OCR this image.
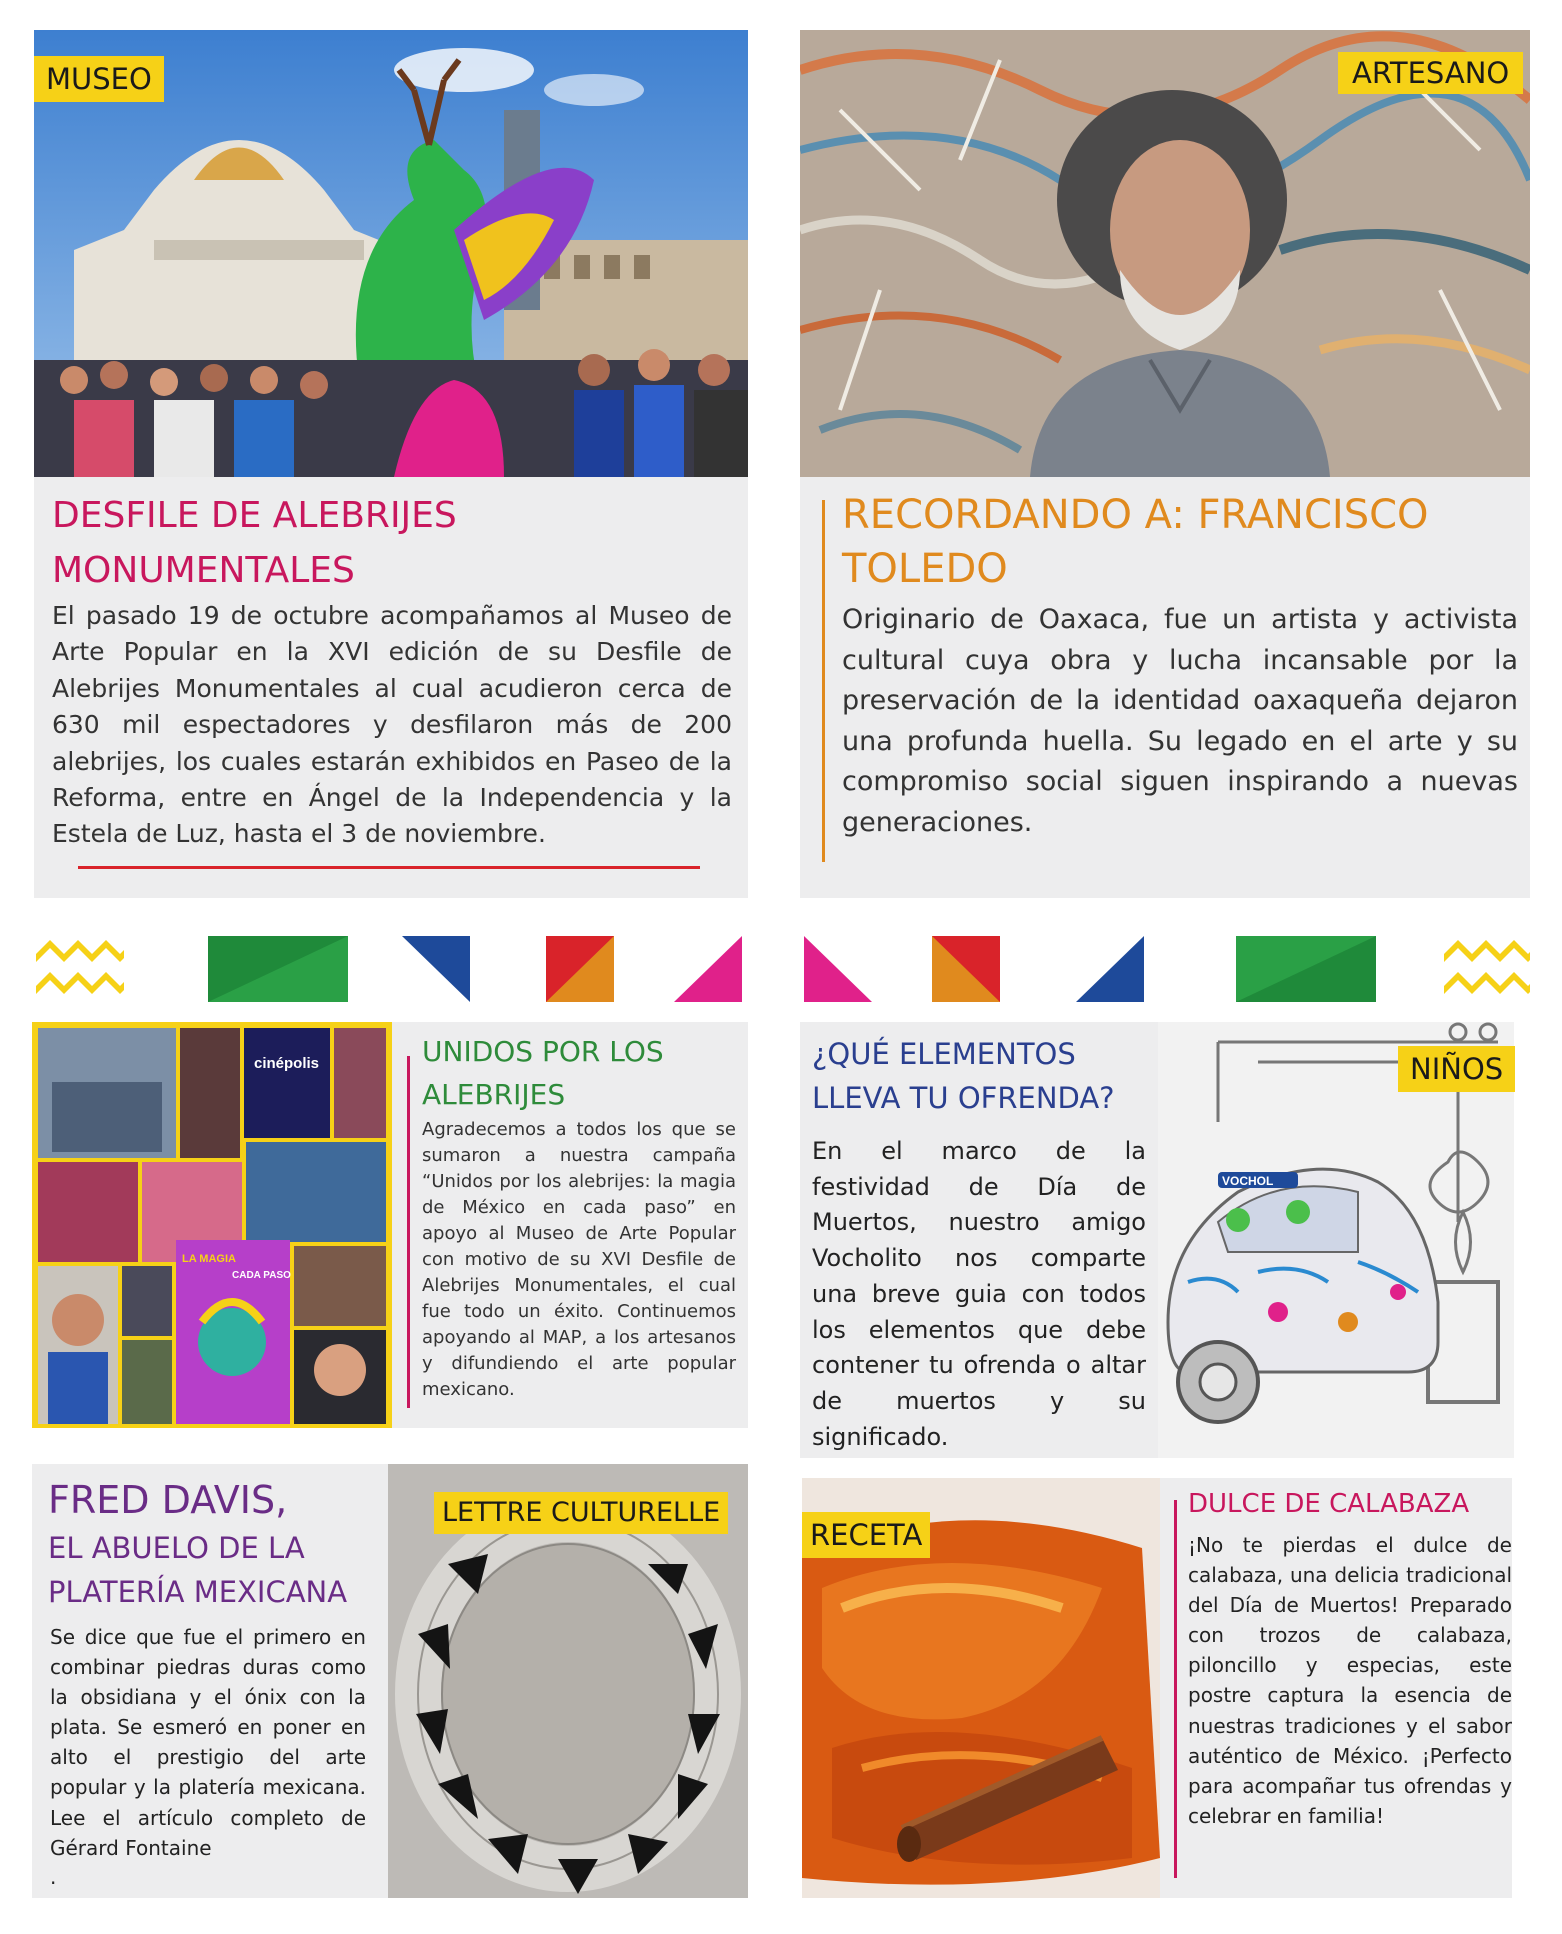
MUSEO
DESFILE DE ALEBRIJES
MONUMENTALES
El pasado 19 de octubre acompañamos al Museo de Arte Popular en la XVI edición de su Desfile de Alebrijes Monumentales al cual acudieron cerca de 630 mil espectadores y desfilaron más de 200 alebrijes, los cuales estarán exhibidos en Paseo de la Reforma, entre en Ángel de la Independencia y la Estela de Luz, hasta el 3 de noviembre.
ARTESANO
RECORDANDO A: FRANCISCO
TOLEDO
Originario de Oaxaca, fue un artista y activista cultural cuya obra y lucha incansable por la preservación de la identidad oaxaqueña dejaron una profunda huella. Su legado en el arte y su compromiso social siguen inspirando a nuevas generaciones.
cinépolis
LA MAGIA
CADA PASO
UNIDOS POR LOS
ALEBRIJES
Agradecemos a todos los que se sumaron a nuestra campaña “Unidos por los alebrijes: la magia de México en cada paso” en apoyo al Museo de Arte Popular con motivo de su XVI Desfile de Alebrijes Monumentales, el cual fue todo un éxito. Continuemos apoyando al MAP, a los artesanos y difundiendo el arte popular mexicano.
VOCHOL
NIÑOS
¿QUÉ ELEMENTOS
LLEVA TU OFRENDA?
En el marco de la festividad de Día de Muertos, nuestro amigo Vocholito nos comparte una breve guia con todos los elementos que debe contener tu ofrenda o altar de muertos y su significado.
LETTRE CULTURELLE
FRED DAVIS,
EL ABUELO DE LA
PLATERÍA MEXICANA
Se dice que fue el primero en combinar piedras duras como la obsidiana y el ónix con la plata. Se esmeró en poner en alto el prestigio del arte popular y la platería mexicana. Lee el artículo completo de Gérard Fontaine
.
RECETA
DULCE DE CALABAZA
¡No te pierdas el dulce de calabaza, una delicia tradicional del Día de Muertos! Preparado con trozos de calabaza, piloncillo y especias, este postre captura la esencia de nuestras tradiciones y el sabor auténtico de México. ¡Perfecto para acompañar tus ofrendas y celebrar en familia!
